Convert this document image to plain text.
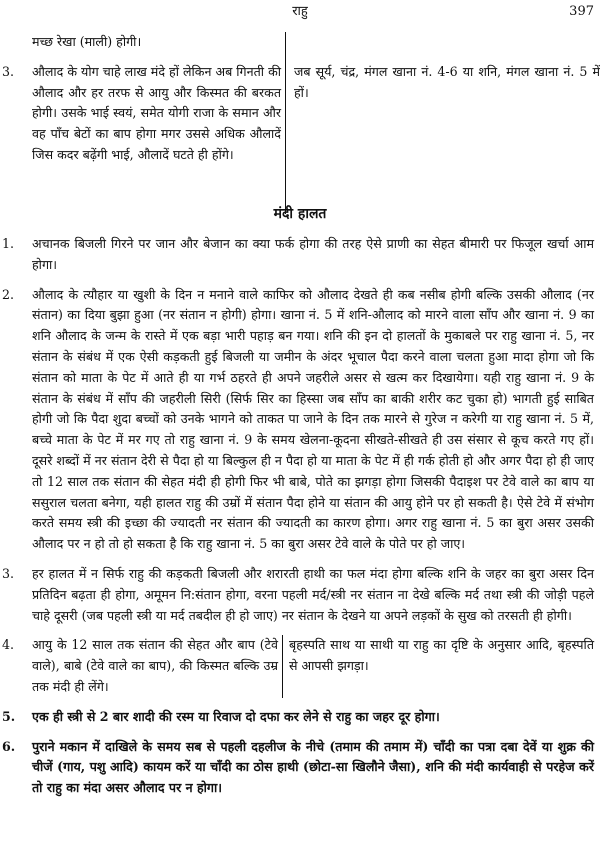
राहु	397
मच्छ रेखा (माली) होगी।
3.	औलाद के योग चाहे लाख मंदे हों लेकिन अब गिनती की औलाद और हर तरफ से आयु और किस्मत की बरकत होगी। उसके भाई स्वयं, समेत योगी राजा के समान और वह पाँच बेटों का बाप होगा मगर उससे अधिक औलादें जिस कदर बढ़ेंगी भाई, औलादें घटते ही होंगे।
जब सूर्य, चंद्र, मंगल खाना नं. 4-6 या शनि, मंगल खाना नं. 5 में हों।
मंदी हालत
1.	अचानक बिजली गिरने पर जान और बेजान का क्या फर्क होगा की तरह ऐसे प्राणी का सेहत बीमारी पर फिजूल खर्चा आम होगा।
2.	औलाद के त्यौहार या खुशी के दिन न मनाने वाले काफिर को औलाद देखते ही कब नसीब होगी बल्कि उसकी औलाद (नर संतान) का दिया बुझा हुआ (नर संतान न होगी) होगा। खाना नं. 5 में शनि-औलाद को मारने वाला साँप और खाना नं. 9 का शनि औलाद के जन्म के रास्ते में एक बड़ा भारी पहाड़ बन गया। शनि की इन दो हालतों के मुकाबले पर राहु खाना नं. 5, नर संतान के संबंध में एक ऐसी कड़कती हुई बिजली या जमीन के अंदर भूचाल पैदा करने वाला चलता हुआ मादा होगा जो कि संतान को माता के पेट में आते ही या गर्भ ठहरते ही अपने जहरीले असर से खत्म कर दिखायेगा। यही राहु खाना नं. 9 के संतान के संबंध में साँप की जहरीली सिरी (सिर्फ सिर का हिस्सा जब साँप का बाकी शरीर कट चुका हो) भागती हुई साबित होगी जो कि पैदा शुदा बच्चों को उनके भागने को ताकत पा जाने के दिन तक मारने से गुरेज न करेगी या राहु खाना नं. 5 में, बच्चे माता के पेट में मर गए तो राहु खाना नं. 9 के समय खेलना-कूदना सीखते-सीखते ही उस संसार से कूच करते गए हों। दूसरे शब्दों में नर संतान देरी से पैदा हो या बिल्कुल ही न पैदा हो या माता के पेट में ही गर्क होती हो और अगर पैदा हो ही जाए तो 12 साल तक संतान की सेहत मंदी ही होगी फिर भी बाबे, पोते का झगड़ा होगा जिसकी पैदाइश पर टेवे वाले का बाप या ससुराल चलता बनेगा, यही हालत राहु की उम्रों में संतान पैदा होने या संतान की आयु होने पर हो सकती है। ऐसे टेवे में संभोग करते समय स्त्री की इच्छा की ज्यादती नर संतान की ज्यादती का कारण होगा। अगर राहु खाना नं. 5 का बुरा असर उसकी औलाद पर न हो तो हो सकता है कि राहु खाना नं. 5 का बुरा असर टेवे वाले के पोते पर हो जाए।
3.	हर हालत में न सिर्फ राहु की कड़कती बिजली और शरारती हाथी का फल मंदा होगा बल्कि शनि के जहर का बुरा असर दिन प्रतिदिन बढ़ता ही होगा, अमूमन नि:संतान होगा, वरना पहली मर्द/स्त्री नर संतान ना देखे बल्कि मर्द तथा स्त्री की जोड़ी पहले चाहे दूसरी (जब पहली स्त्री या मर्द तबदील ही हो जाए) नर संतान के देखने या अपने लड़कों के सुख को तरसती ही होगी।
4.	आयु के 12 साल तक संतान की सेहत और बाप (टेवे वाले), बाबे (टेवे वाले का बाप), की किस्मत बल्कि उम्र तक मंदी ही लेंगे।
बृहस्पति साथ या साथी या राहु का दृष्टि के अनुसार आदि, बृहस्पति से आपसी झगड़ा।
5.	एक ही स्त्री से 2 बार शादी की रस्म या रिवाज दो दफा कर लेने से राहु का जहर दूर होगा।
6.	पुराने मकान में दाखिले के समय सब से पहली दहलीज के नीचे (तमाम की तमाम में) चाँदी का पत्रा दबा देवें या शुक्र की चीजें (गाय, पशु आदि) कायम करें या चाँदी का ठोस हाथी (छोटा-सा खिलौने जैसा), शनि की मंदी कार्यवाही से परहेज करें तो राहु का मंदा असर औलाद पर न होगा।
